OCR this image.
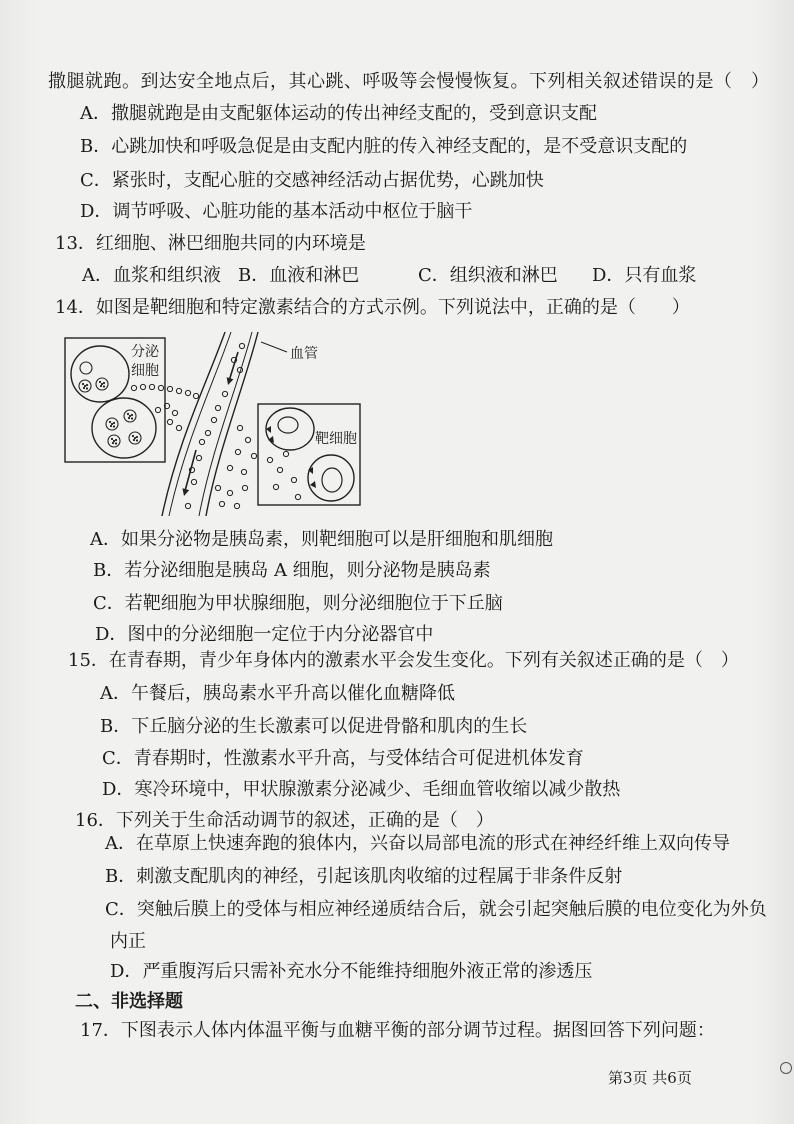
撒腿就跑。到达安全地点后，其心跳、呼吸等会慢慢恢复。下列相关叙述错误的是（　）
A．撒腿就跑是由支配躯体运动的传出神经支配的，受到意识支配
B．心跳加快和呼吸急促是由支配内脏的传入神经支配的，是不受意识支配的
C．紧张时，支配心脏的交感神经活动占据优势，心跳加快
D．调节呼吸、心脏功能的基本活动中枢位于脑干
13．红细胞、淋巴细胞共同的内环境是
A．血浆和组织液 B．血液和淋巴	C．组织液和淋巴 D．只有血浆
14．如图是靶细胞和特定激素结合的方式示例。下列说法中，正确的是（　　）
分泌
细胞
血管
靶细胞
A．如果分泌物是胰岛素，则靶细胞可以是肝细胞和肌细胞
B．若分泌细胞是胰岛 A 细胞，则分泌物是胰岛素
C．若靶细胞为甲状腺细胞，则分泌细胞位于下丘脑
D．图中的分泌细胞一定位于内分泌器官中
15．在青春期，青少年身体内的激素水平会发生变化。下列有关叙述正确的是（　）
A．午餐后，胰岛素水平升高以催化血糖降低
B．下丘脑分泌的生长激素可以促进骨骼和肌肉的生长
C．青春期时，性激素水平升高，与受体结合可促进机体发育
D．寒冷环境中，甲状腺激素分泌减少、毛细血管收缩以减少散热
16．下列关于生命活动调节的叙述，正确的是（　）
A．在草原上快速奔跑的狼体内，兴奋以局部电流的形式在神经纤维上双向传导
B．刺激支配肌肉的神经，引起该肌肉收缩的过程属于非条件反射
C．突触后膜上的受体与相应神经递质结合后，就会引起突触后膜的电位变化为外负
内正
D．严重腹泻后只需补充水分不能维持细胞外液正常的渗透压
二、非选择题
17．下图表示人体内体温平衡与血糖平衡的部分调节过程。据图回答下列问题：
第3页 共6页
